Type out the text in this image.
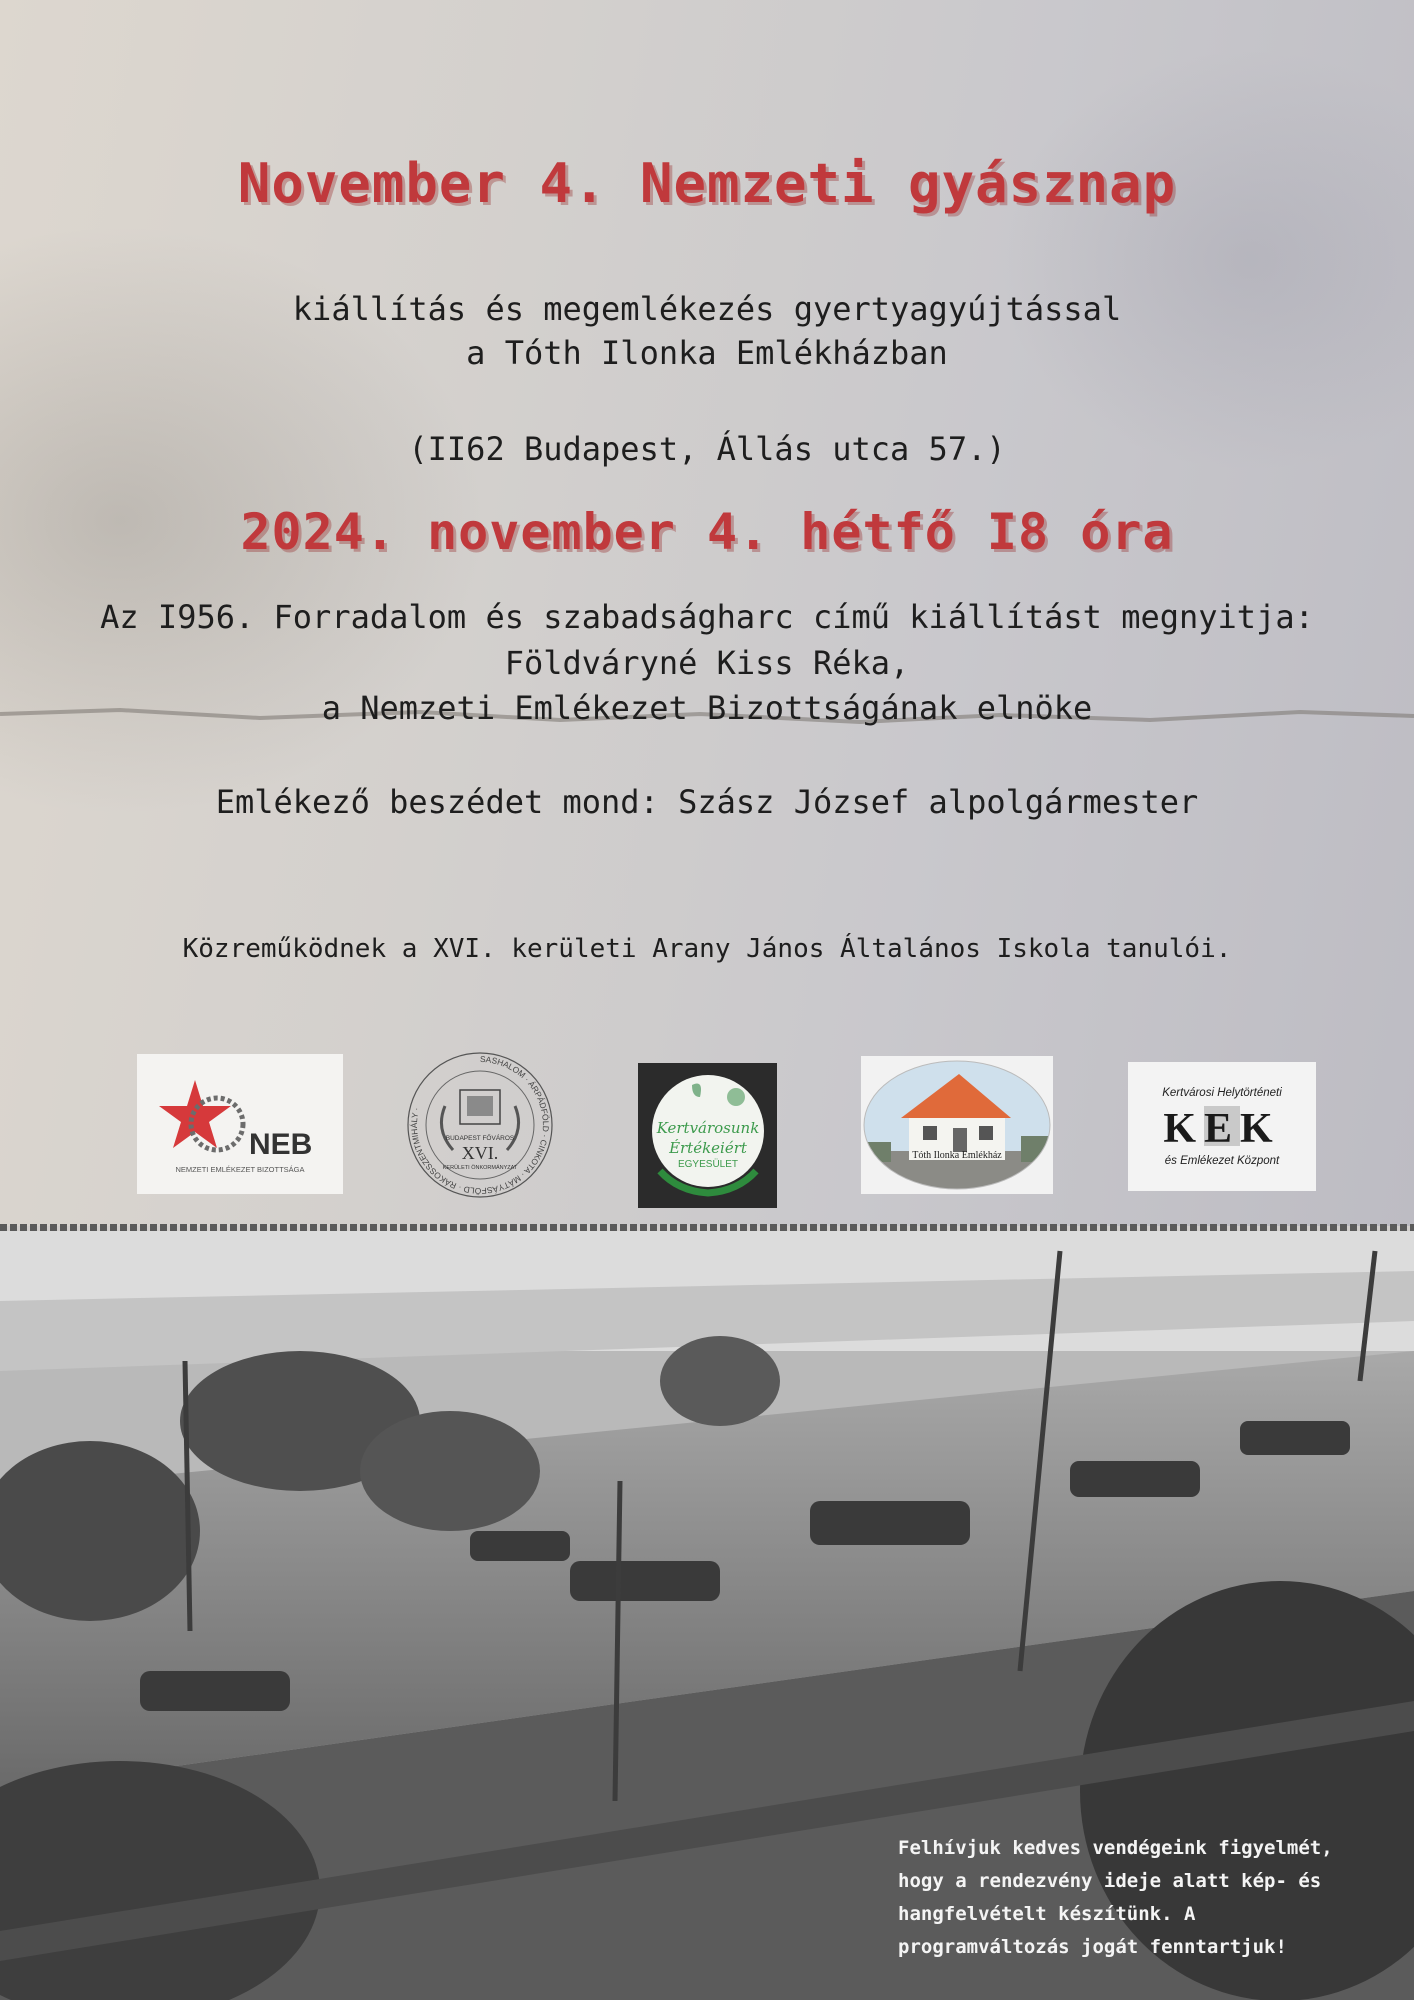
November 4. Nemzeti gyásznap
kiállítás és megemlékezés gyertyagyújtással
a Tóth Ilonka Emlékházban
(II62 Budapest, Állás utca 57.)
2024. november 4. hétfő I8 óra
Az I956. Forradalom és szabadságharc című kiállítást megnyitja:
Földváryné Kiss Réka,
a Nemzeti Emlékezet Bizottságának elnöke
Emlékező beszédet mond: Szász József alpolgármester
Közreműködnek a XVI. kerületi Arany János Általános Iskola tanulói.
NEB
NEMZETI EMLÉKEZET BIZOTTSÁGA
SASHALOM · ÁRPÁDFÖLD · CINKOTA · MÁTYÁSFÖLD · RÁKOSSZENTMIHÁLY ·
BUDAPEST FŐVÁROS
XVI.
KERÜLETI ÖNKORMÁNYZAT
Kertvárosunk
Értékeiért
EGYESÜLET
Tóth Ilonka Emlékház
Kertvárosi Helytörténeti
KEK
és Emlékezet Központ
Felhívjuk kedves vendégeink figyelmét,
hogy a rendezvény ideje alatt kép- és
hangfelvételt készítünk. A
programváltozás jogát fenntartjuk!
